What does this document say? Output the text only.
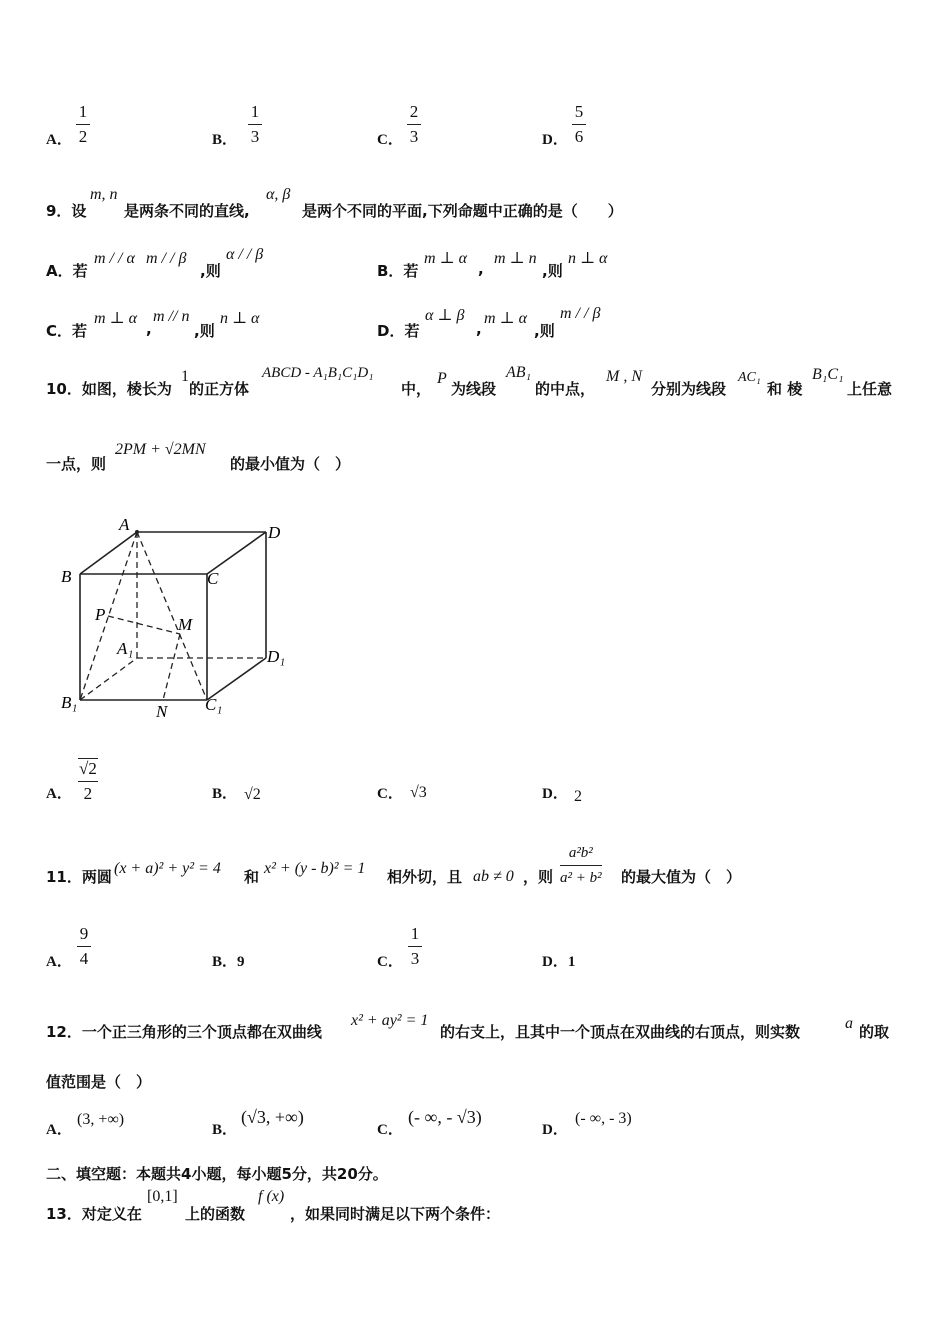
A．
1
2	B．
1
3	C．
2
3	D．
5
6
9．设
m, n
是两条不同的直线,
α, β
是两个不同的平面,下列命题中正确的是（　　）
A．若
m / / α m / / β
,则
α / / β
B．若
m ⊥ α
,
m ⊥ n
,则
n ⊥ α
C．若
m ⊥ α
,
m // n
,则
n ⊥ α
D．若
α ⊥ β
,
m ⊥ α
,则
m / / β
10．如图，棱长为
1
的正方体
ABCD - A₁B₁C₁D₁
中，
P
为线段
AB₁
的中点，
M , N
分别为线段
AC₁
和 棱
B₁C₁
上任意
一点，则
2PM + √2MN
的最小值为（　）
A	D
B	C
P
M
A₁	D₁
B₁	N C₁
A．
√2
2	B． √2	C． √3	D． 2
11．两圆 (x + a)² + y² = 4 和 x² + (y - b)² = 1 相外切，且 ab ≠ 0 ，则
a²b²
a² + b² 的最大值为（　）
A．
9
4	B．9	C．
1
3	D．1
12．一个正三角形的三个顶点都在双曲线
x² + ay² = 1
的右支上，且其中一个顶点在双曲线的右顶点，则实数	a 的取
值范围是（　）
A．
(3, +∞)
B．
(√3, +∞)
C．
(- ∞, - √3)
D．
(- ∞, - 3)
二、填空题：本题共4小题，每小题5分，共20分。
13．对定义在
[0,1]
上的函数
f (x)
，如果同时满足以下两个条件：
